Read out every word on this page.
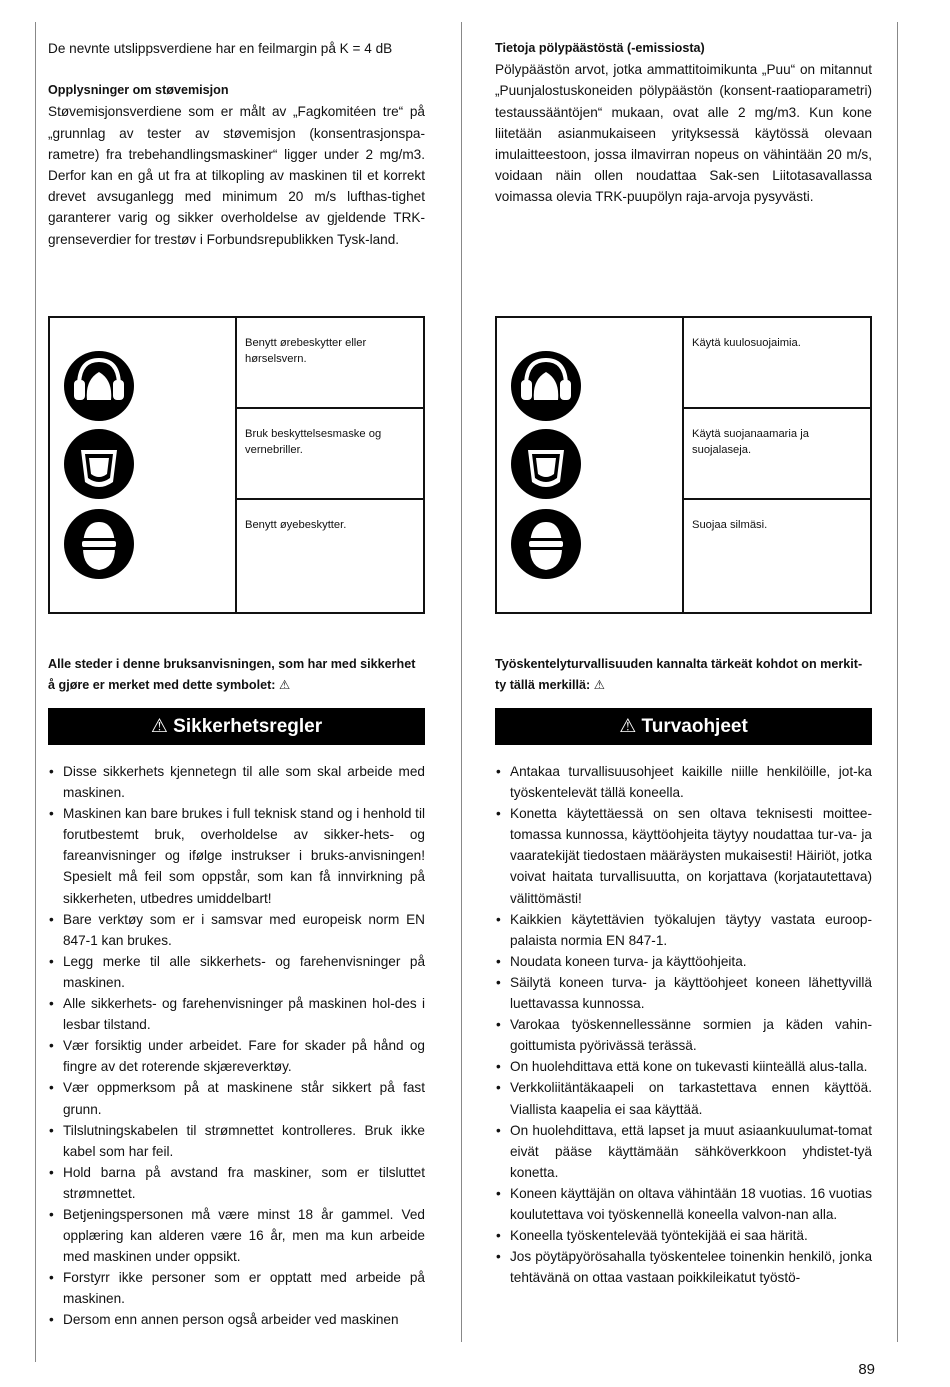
De nevnte utslippsverdiene har en feilmargin på K = 4 dB

Opplysninger om støvemisjon

Støvemisjonsverdiene som er målt av „Fagkomitéen tre“ på „grunnlag av tester av støvemisjon (konsentrasjonspa-rametre) fra trebehandlingsmaskiner“ ligger under 2 mg/m3. Derfor kan en gå ut fra at tilkopling av maskinen til et korrekt drevet avsuganlegg med minimum 20 m/s lufthas-tighet garanterer varig og sikker overholdelse av gjeldende TRK-grenseverdier for trestøv i Forbundsrepublikken Tysk-land.

Tietoja pölypäästöstä (-emissiosta)

Pölypäästön arvot, jotka ammattitoimikunta „Puu“ on mitannut „Puunjalostuskoneiden pölypäästön (konsent-raatioparametri) testaussääntöjen“ mukaan, ovat alle 2 mg/m3. Kun kone liitetään asianmukaiseen yrityksessä käytössä olevaan imulaitteestoon, jossa ilmavirran nopeus on vähintään 20 m/s, voidaan näin ollen noudattaa Sak-sen Liitotasavallassa voimassa olevia TRK-puupölyn raja-arvoja pysyvästi.

Benytt ørebeskytter eller hørselsvern.
Bruk beskyttelsesmaske og vernebriller.
Benytt øyebeskytter.
Käytä kuulosuojaimia.
Käytä suojanaamaria ja suojalaseja.
Suojaa silmäsi.
Alle steder i denne bruksanvisningen, som har med sikkerhet å gjøre er merket med dette symbolet: ⚠
Työskentelyturvallisuuden kannalta tärkeät kohdot on merkit-ty tällä merkillä: ⚠
⚠ Sikkerhetsregler	⚠ Turvaohjeet
• Disse sikkerhets kjennetegn til alle som skal arbeide med maskinen.
• Maskinen kan bare brukes i full teknisk stand og i henhold til forutbestemt bruk, overholdelse av sikker-hets- og fareanvisninger og ifølge instrukser i bruks-anvisningen! Spesielt må feil som oppstår, som kan få innvirkning på sikkerheten, utbedres umiddelbart!
• Bare verktøy som er i samsvar med europeisk norm EN 847-1 kan brukes.
• Legg merke til alle sikkerhets- og farehenvisninger på maskinen.
• Alle sikkerhets- og farehenvisninger på maskinen hol-des i lesbar tilstand.
• Vær forsiktig under arbeidet. Fare for skader på hånd og fingre av det roterende skjæreverktøy.
• Vær oppmerksom på at maskinene står sikkert på fast grunn.
• Tilslutningskabelen til strømnettet kontrolleres. Bruk ikke kabel som har feil.
• Hold barna på avstand fra maskiner, som er tilsluttet strømnettet.
• Betjeningspersonen må være minst 18 år gammel. Ved opplæring kan alderen være 16 år, men ma kun arbeide med maskinen under oppsikt.
• Forstyrr ikke personer som er opptatt med arbeide på maskinen.
• Dersom enn annen person også arbeider ved maskinen
• Antakaa turvallisuusohjeet kaikille niille henkilöille, jot-ka työskentelevät tällä koneella.
• Konetta käytettäessä on sen oltava teknisesti moittee-tomassa kunnossa, käyttöohjeita täytyy noudattaa tur-va- ja vaaratekijät tiedostaen määräysten mukaisesti! Häiriöt, jotka voivat haitata turvallisuutta, on korjattava (korjatautettava) välittömästi!
• Kaikkien käytettävien työkalujen täytyy vastata euroop-palaista normia EN 847-1.
• Noudata koneen turva- ja käyttöohjeita.
• Säilytä koneen turva- ja käyttöohjeet koneen lähettyvillä luettavassa kunnossa.
• Varokaa työskennellessänne sormien ja käden vahin-goittumista pyörivässä terässä.
• On huolehdittava että kone on tukevasti kiinteällä alus-talla.
• Verkkoliitäntäkaapeli on tarkastettava ennen käyttöä. Viallista kaapelia ei saa käyttää.
• On huolehdittava, että lapset ja muut asiaankuulumat-tomat eivät pääse käyttämään sähköverkkoon yhdistet-tyä konetta.
• Koneen käyttäjän on oltava vähintään 18 vuotias. 16 vuotias koulutettava voi työskennellä koneella valvon-nan alla.
• Koneella työskentelevää työntekijää ei saa häritä.
• Jos pöytäpyörösahalla työskentelee toinenkin henkilö, jonka tehtävänä on ottaa vastaan poikkileikatut työstö-
89
